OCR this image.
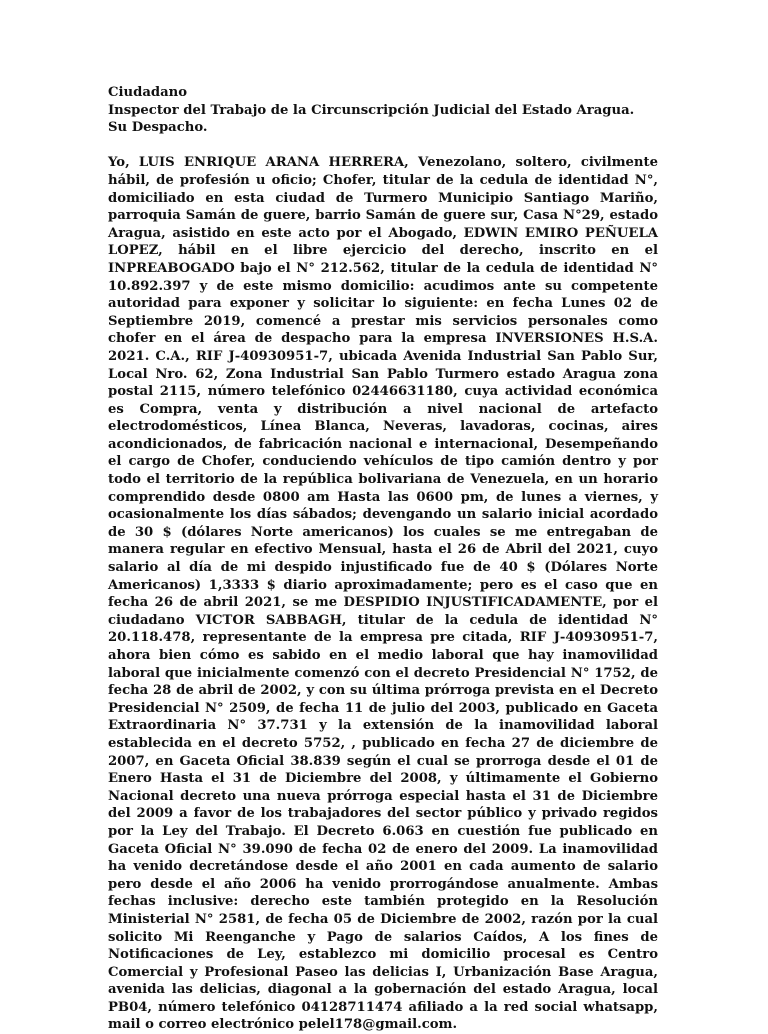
Ciudadano
Inspector del Trabajo de la Circunscripción Judicial del Estado Aragua.
Su Despacho.

Yo, LUIS ENRIQUE ARANA HERRERA, Venezolano, soltero, civilmente hábil, de profesión u oficio; Chofer, titular de la cedula de identidad N°, domiciliado en esta ciudad de Turmero Municipio Santiago Mariño, parroquia Samán de guere, barrio Samán de guere sur, Casa N°29, estado Aragua, asistido en este acto por el Abogado, EDWIN EMIRO PEÑUELA LOPEZ, hábil en el libre ejercicio del derecho, inscrito en el INPREABOGADO bajo el N° 212.562, titular de la cedula de identidad N° 10.892.397 y de este mismo domicilio: acudimos ante su competente autoridad para exponer y solicitar lo siguiente: en fecha Lunes 02 de Septiembre 2019, comencé a prestar mis servicios personales como chofer en el área de despacho para la empresa INVERSIONES H.S.A. 2021. C.A., RIF J-40930951-7, ubicada Avenida Industrial San Pablo Sur, Local Nro. 62, Zona Industrial San Pablo Turmero estado Aragua zona postal 2115, número telefónico 02446631180, cuya actividad económica es Compra, venta y distribución a nivel nacional de artefacto electrodomésticos, Línea Blanca, Neveras, lavadoras, cocinas, aires acondicionados, de fabricación nacional e internacional, Desempeñando el cargo de Chofer, conduciendo vehículos de tipo camión dentro y por todo el territorio de la república bolivariana de Venezuela, en un horario comprendido desde 0800 am Hasta las 0600 pm, de lunes a viernes, y ocasionalmente los días sábados; devengando un salario inicial acordado de 30 $ (dólares Norte americanos) los cuales se me entregaban de manera regular en efectivo Mensual, hasta el 26 de Abril del 2021, cuyo salario al día de mi despido injustificado fue de 40 $ (Dólares Norte Americanos) 1,3333 $ diario aproximadamente; pero es el caso que en fecha 26 de abril 2021, se me DESPIDIO INJUSTIFICADAMENTE, por el ciudadano VICTOR SABBAGH, titular de la cedula de identidad N° 20.118.478, representante de la empresa pre citada, RIF J-40930951-7, ahora bien cómo es sabido en el medio laboral que hay inamovilidad laboral que inicialmente comenzó con el decreto Presidencial N° 1752, de fecha 28 de abril de 2002, y con su última prórroga prevista en el Decreto Presidencial N° 2509, de fecha 11 de julio del 2003, publicado en Gaceta Extraordinaria N° 37.731 y la extensión de la inamovilidad laboral establecida en el decreto 5752, , publicado en fecha 27 de diciembre de 2007, en Gaceta Oficial 38.839 según el cual se prorroga desde el 01 de Enero Hasta el 31 de Diciembre del 2008, y últimamente el Gobierno Nacional decreto una nueva prórroga especial hasta el 31 de Diciembre del 2009 a favor de los trabajadores del sector público y privado regidos por la Ley del Trabajo. El Decreto 6.063 en cuestión fue publicado en Gaceta Oficial N° 39.090 de fecha 02 de enero del 2009. La inamovilidad ha venido decretándose desde el año 2001 en cada aumento de salario pero desde el año 2006 ha venido prorrogándose anualmente. Ambas fechas inclusive: derecho este también protegido en la Resolución Ministerial N° 2581, de fecha 05 de Diciembre de 2002, razón por la cual solicito Mi Reenganche y Pago de salarios Caídos, A los fines de Notificaciones de Ley, establezco mi domicilio procesal es Centro Comercial y Profesional Paseo las delicias I, Urbanización Base Aragua, avenida las delicias, diagonal a la gobernación del estado Aragua, local PB04, número telefónico 04128711474 afiliado a la red social whatsapp, mail o correo electrónico pelel178@gmail.com.
